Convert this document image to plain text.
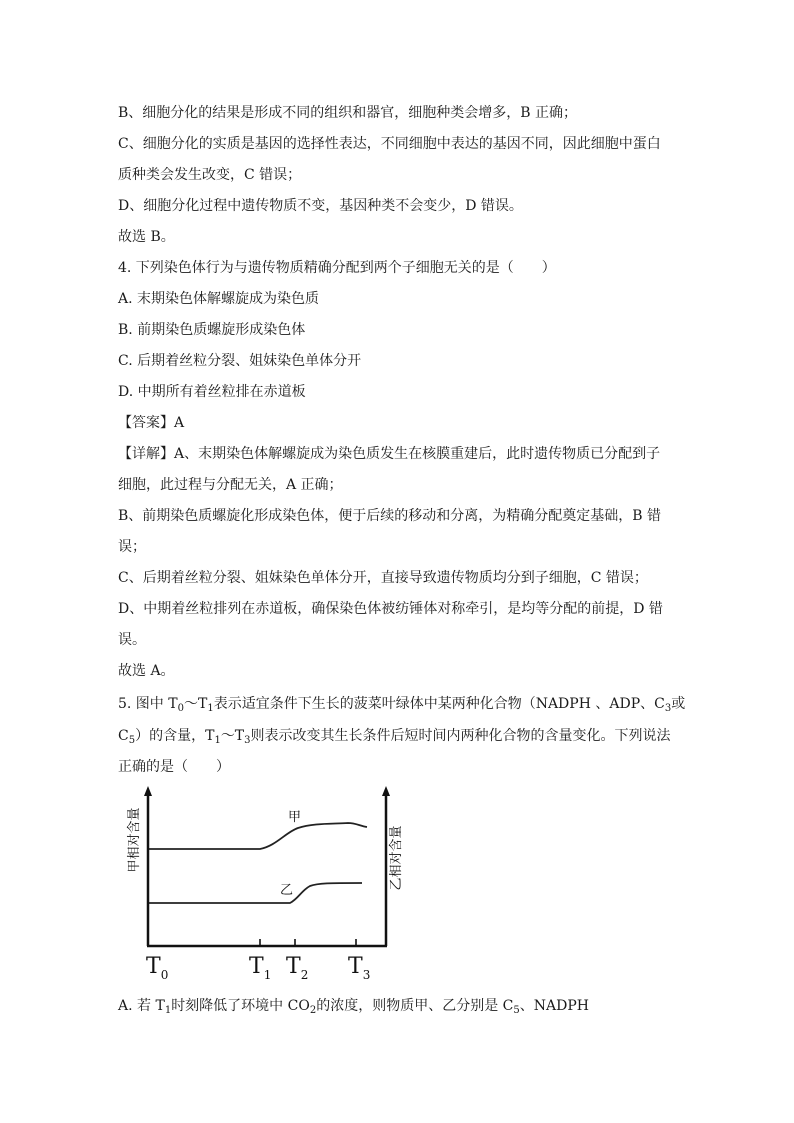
B、细胞分化的结果是形成不同的组织和器官，细胞种类会增多，B 正确；
C、细胞分化的实质是基因的选择性表达，不同细胞中表达的基因不同，因此细胞中蛋白
质种类会发生改变，C 错误；
D、细胞分化过程中遗传物质不变，基因种类不会变少，D 错误。
故选 B。
4. 下列染色体行为与遗传物质精确分配到两个子细胞无关的是（　　）
A. 末期染色体解螺旋成为染色质
B. 前期染色质螺旋形成染色体
C. 后期着丝粒分裂、姐妹染色单体分开
D. 中期所有着丝粒排在赤道板
【答案】A
【详解】A、末期染色体解螺旋成为染色质发生在核膜重建后，此时遗传物质已分配到子
细胞，此过程与分配无关，A 正确；
B、前期染色质螺旋化形成染色体，便于后续的移动和分离，为精确分配奠定基础，B 错
误；
C、后期着丝粒分裂、姐妹染色单体分开，直接导致遗传物质均分到子细胞，C 错误；
D、中期着丝粒排列在赤道板，确保染色体被纺锤体对称牵引，是均等分配的前提，D 错
误。
故选 A。
5. 图中 $T_0\sim T_1$表示适宜条件下生长的菠菜叶绿体中某两种化合物（NADPH 、ADP、$C_3$或
$C_5$）的含量，$T_1\sim T_3$则表示改变其生长条件后短时间内两种化合物的含量变化。下列说法
正确的是（　　）
甲
乙
甲相对含量	乙相对含量
$T_0$	$T_1$ $T_2$ $T_3$
A. 若 $T_1$时刻降低了环境中 $CO_2$的浓度，则物质甲、乙分别是 $C_5$、NADPH
